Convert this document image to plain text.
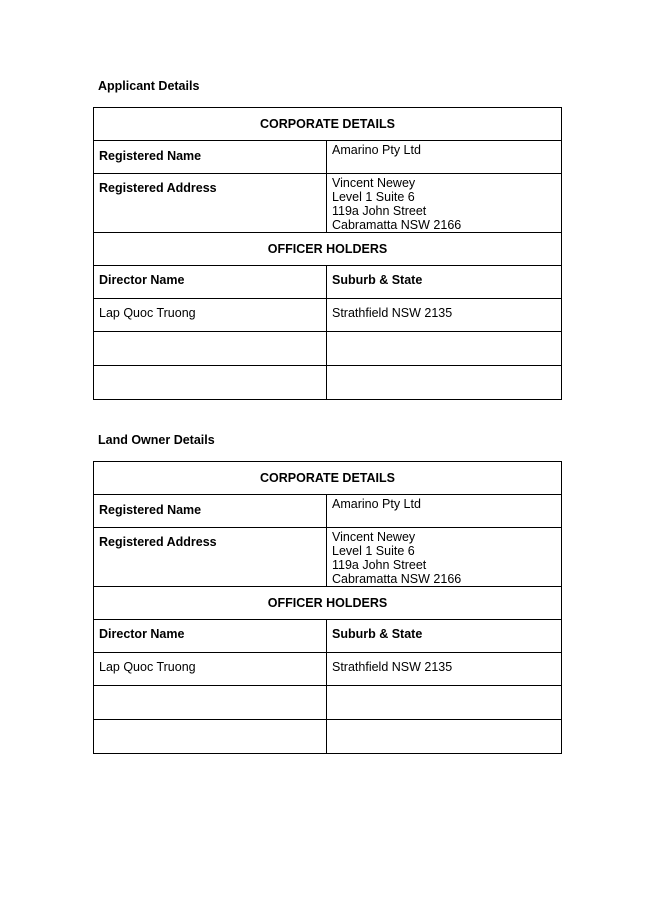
Applicant Details
CORPORATE DETAILS	
Registered Name	Amarino Pty Ltd
Registered Address	Vincent Newey
Level 1 Suite 6
119a John Street
Cabramatta NSW 2166

OFFICER HOLDERS	
Director Name	Suburb & State
Lap Quoc Truong	Strathfield NSW 2135

Land Owner Details
CORPORATE DETAILS	
Registered Name	Amarino Pty Ltd
Registered Address	Vincent Newey
Level 1 Suite 6
119a John Street
Cabramatta NSW 2166

OFFICER HOLDERS	
Director Name	Suburb & State
Lap Quoc Truong	Strathfield NSW 2135
